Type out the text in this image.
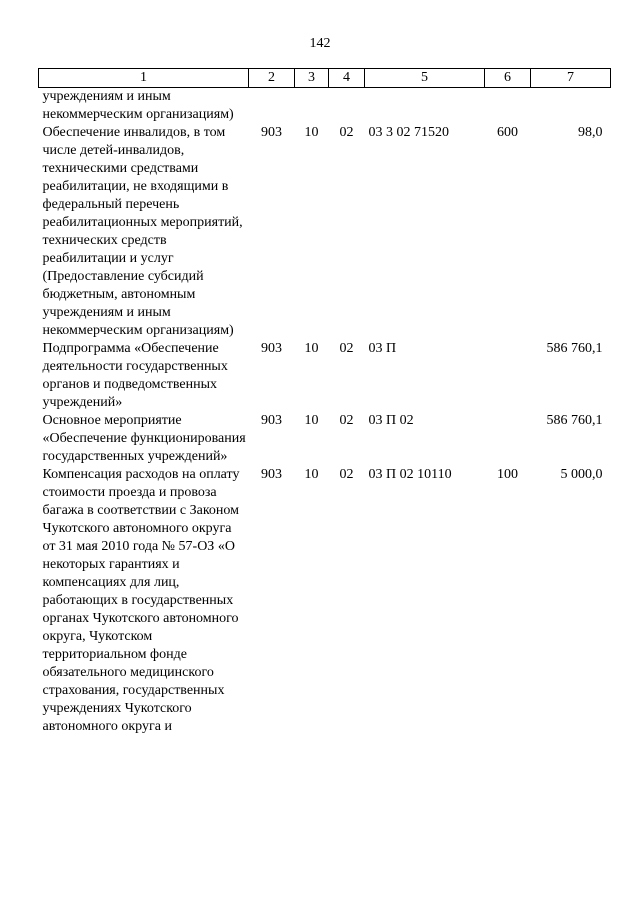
142
1	2	3	4	5	6	7
учреждениям и иным некоммерческим организациям)						
Обеспечение инвалидов, в том числе детей-инвалидов, техническими средствами реабилитации, не входящими в федеральный перечень реабилитационных мероприятий, технических средств реабилитации и услуг (Предоставление субсидий бюджетным, автономным учреждениям и иным некоммерческим организациям)	903	10	02	03 3 02 71520	600	98,0
Подпрограмма «Обеспечение деятельности государственных органов и подведомственных учреждений»	903	10	02	03 П		586 760,1
Основное мероприятие «Обеспечение функционирования государственных учреждений»	903	10	02	03 П 02		586 760,1
Компенсация расходов на оплату стоимости проезда и провоза багажа в соответствии с Законом Чукотского автономного округа от 31 мая 2010 года № 57-ОЗ «О некоторых гарантиях и компенсациях для лиц, работающих в государственных органах Чукотского автономного округа, Чукотском территориальном фонде обязательного медицинского страхования, государственных учреждениях Чукотского автономного округа и	903	10	02	03 П 02 10110	100	5 000,0
